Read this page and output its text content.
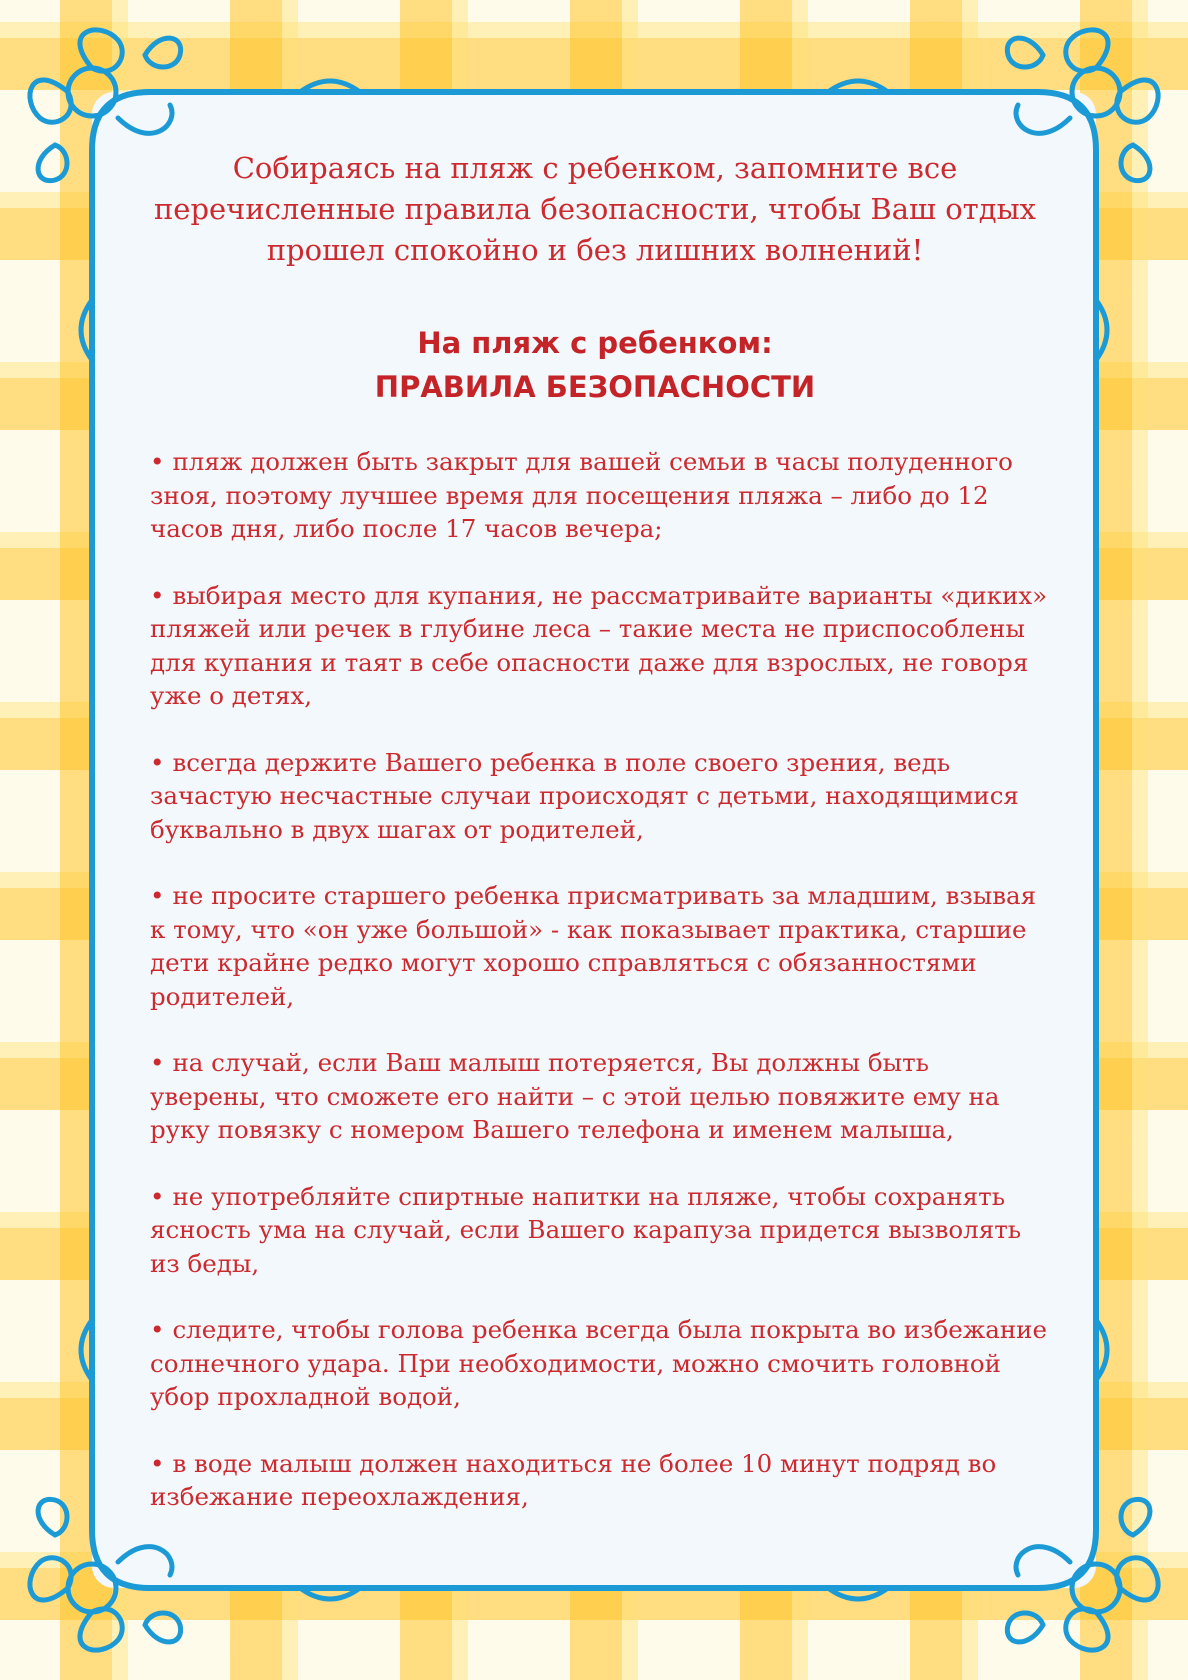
Собираясь на пляж с ребенком, запомните все перечисленные правила безопасности, чтобы Ваш отдых прошел спокойно и без лишних волнений!

На пляж с ребенком:
ПРАВИЛА БЕЗОПАСНОСТИ
• пляж должен быть закрыт для вашей семьи в часы полуденного зноя, поэтому лучшее время для посещения пляжа – либо до 12 часов дня, либо после 17 часов вечера;
• выбирая место для купания, не рассматривайте варианты «диких» пляжей или речек в глубине леса – такие места не приспособлены для купания и таят в себе опасности даже для взрослых, не говоря уже о детях,
• всегда держите Вашего ребенка в поле своего зрения, ведь зачастую несчастные случаи происходят с детьми, находящимися буквально в двух шагах от родителей,
• не просите старшего ребенка присматривать за младшим, взывая к тому, что «он уже большой» - как показывает практика, старшие дети крайне редко могут хорошо справляться с обязанностями родителей,
• на случай, если Ваш малыш потеряется, Вы должны быть уверены, что сможете его найти – с этой целью повяжите ему на руку повязку с номером Вашего телефона и именем малыша,
• не употребляйте спиртные напитки на пляже, чтобы сохранять ясность ума на случай, если Вашего карапуза придется вызволять из беды,
• следите, чтобы голова ребенка всегда была покрыта во избежание солнечного удара. При необходимости, можно смочить головной убор прохладной водой,
• в воде малыш должен находиться не более 10 минут подряд во избежание переохлаждения,
